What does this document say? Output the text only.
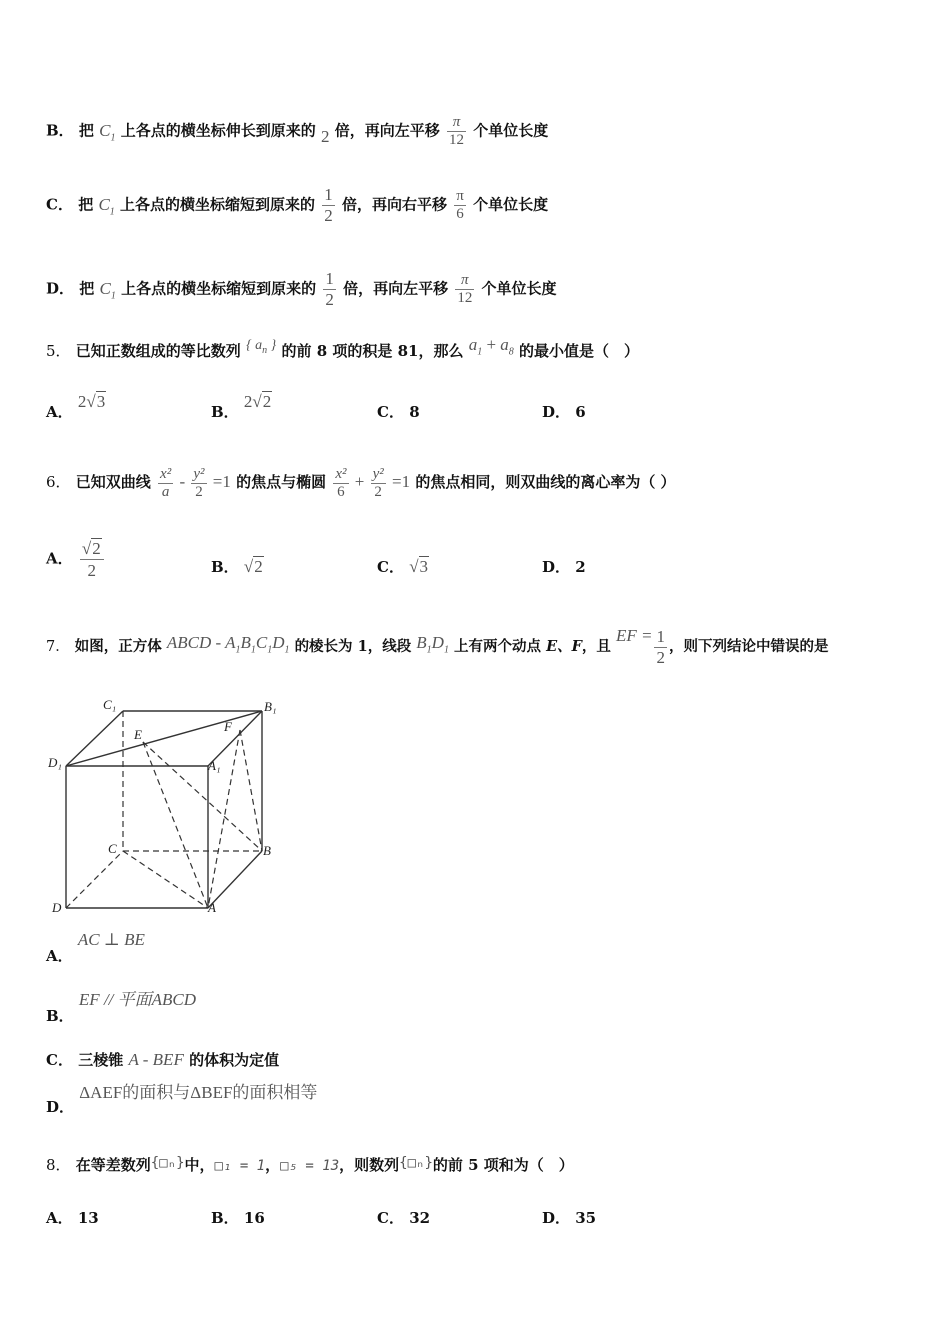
B． 把 $C_1$ 上各点的横坐标伸长到原来的 2 倍，再向左平移 $\frac{\pi}{12}$ 个单位长度
C． 把 $C_1$ 上各点的横坐标缩短到原来的 $\frac{1}{2}$ 倍，再向右平移 $\frac{\pi}{6}$ 个单位长度
D． 把 $C_1$ 上各点的横坐标缩短到原来的 $\frac{1}{2}$ 倍，再向左平移 $\frac{\pi}{12}$ 个单位长度
5． 已知正数组成的等比数列 { $a_n$ } 的前 8 项的积是 81，那么 $a_1 + a_8$ 的最小值是（　）
A． 2√3
B． 2√2
C． 8	D． 6
6． 已知双曲线 $\frac{\text{x²}}{a} - \frac{\text{y²}}{2} =1$ 的焦点与椭圆 $\frac{\text{x²}}{6} + \frac{\text{y²}}{2} =1$ 的焦点相同，则双曲线的离心率为（ ）
A． $\frac{√2}{2}$	B． √2	C． √3	D． 2
7． 如图，正方体 ABCD - $A_1B_1C_1D_1$ 的棱长为 1，线段 $B_1D_1$ 上有两个动点 E、F，且 EF = $\frac{1}{2}$ ，则下列结论中错误的是
C₁	B₁
D₁	A₁
E
F
C	B
D	A
A． AC ⊥ BE
B． EF // 平面ABCD
C． 三棱锥 A - BEF 的体积为定值
D． ΔAEF的面积与ΔBEF的面积相等
8． 在等差数列{□ₙ}中，□₁ = 1，□₅ = 13，则数列{□ₙ}的前 5 项和为（　）
A． 13	B． 16	C． 32	D． 35
